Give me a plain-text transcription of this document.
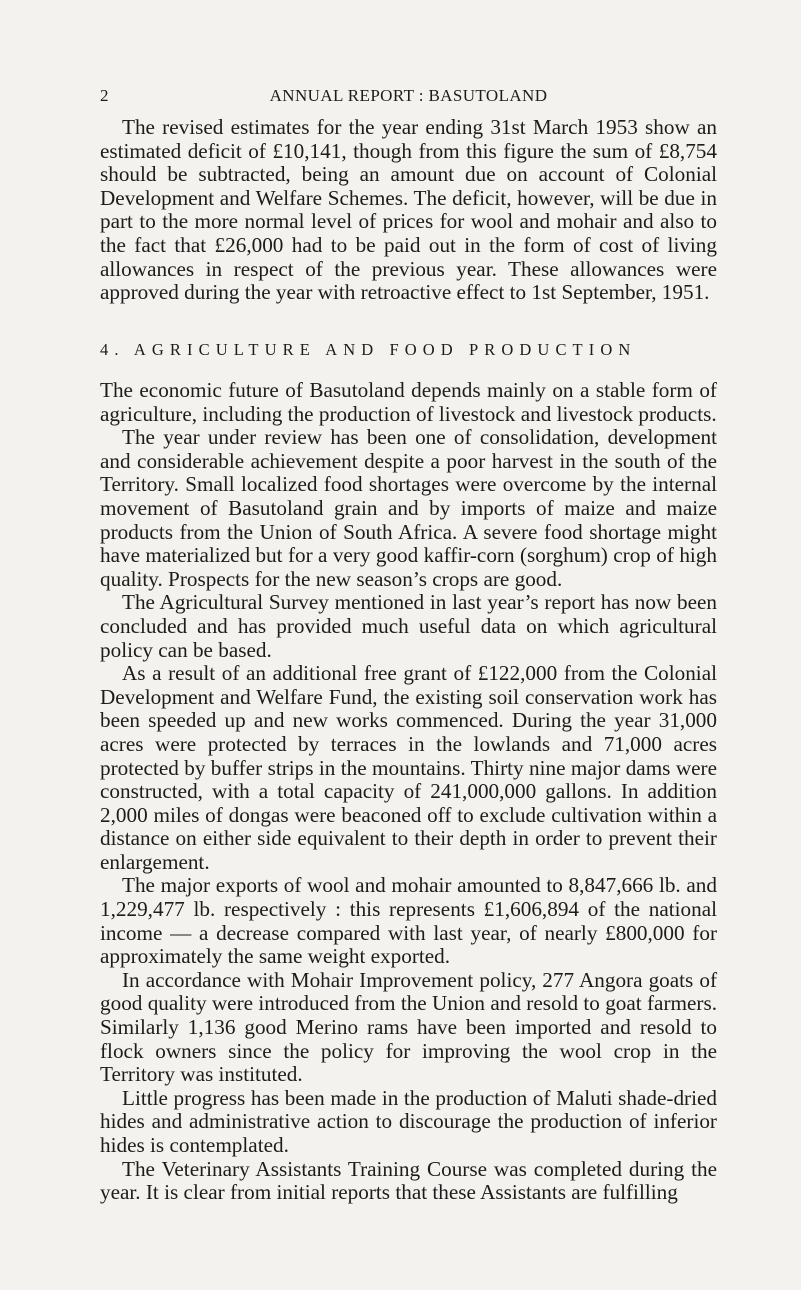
2	ANNUAL REPORT : BASUTOLAND

The revised estimates for the year ending 31st March 1953 show an estimated deficit of £10,141, though from this figure the sum of £8,754 should be subtracted, being an amount due on account of Colonial Development and Welfare Schemes. The deficit, however, will be due in part to the more normal level of prices for wool and mohair and also to the fact that £26,000 had to be paid out in the form of cost of living allowances in respect of the previous year. These allowances were approved during the year with retroactive effect to 1st September, 1951.

4. AGRICULTURE AND FOOD PRODUCTION

The economic future of Basutoland depends mainly on a stable form of agriculture, including the production of livestock and livestock products.

The year under review has been one of consolidation, development and considerable achievement despite a poor harvest in the south of the Territory. Small localized food shortages were overcome by the internal movement of Basutoland grain and by imports of maize and maize products from the Union of South Africa. A severe food shortage might have materialized but for a very good kaffir-corn (sorghum) crop of high quality. Prospects for the new season’s crops are good.

The Agricultural Survey mentioned in last year’s report has now been concluded and has provided much useful data on which agricultural policy can be based.

As a result of an additional free grant of £122,000 from the Colonial Development and Welfare Fund, the existing soil conservation work has been speeded up and new works commenced. During the year 31,000 acres were protected by terraces in the lowlands and 71,000 acres protected by buffer strips in the mountains. Thirty nine major dams were constructed, with a total capacity of 241,000,000 gallons. In addition 2,000 miles of dongas were beaconed off to exclude cultivation within a distance on either side equivalent to their depth in order to prevent their enlargement.

The major exports of wool and mohair amounted to 8,847,666 lb. and 1,229,477 lb. respectively : this represents £1,606,894 of the national income — a decrease compared with last year, of nearly £800,000 for approximately the same weight exported.

In accordance with Mohair Improvement policy, 277 Angora goats of good quality were introduced from the Union and resold to goat farmers. Similarly 1,136 good Merino rams have been imported and resold to flock owners since the policy for improving the wool crop in the Territory was instituted.

Little progress has been made in the production of Maluti shade-dried hides and administrative action to discourage the production of inferior hides is contemplated.

The Veterinary Assistants Training Course was completed during the year. It is clear from initial reports that these Assistants are fulfilling
